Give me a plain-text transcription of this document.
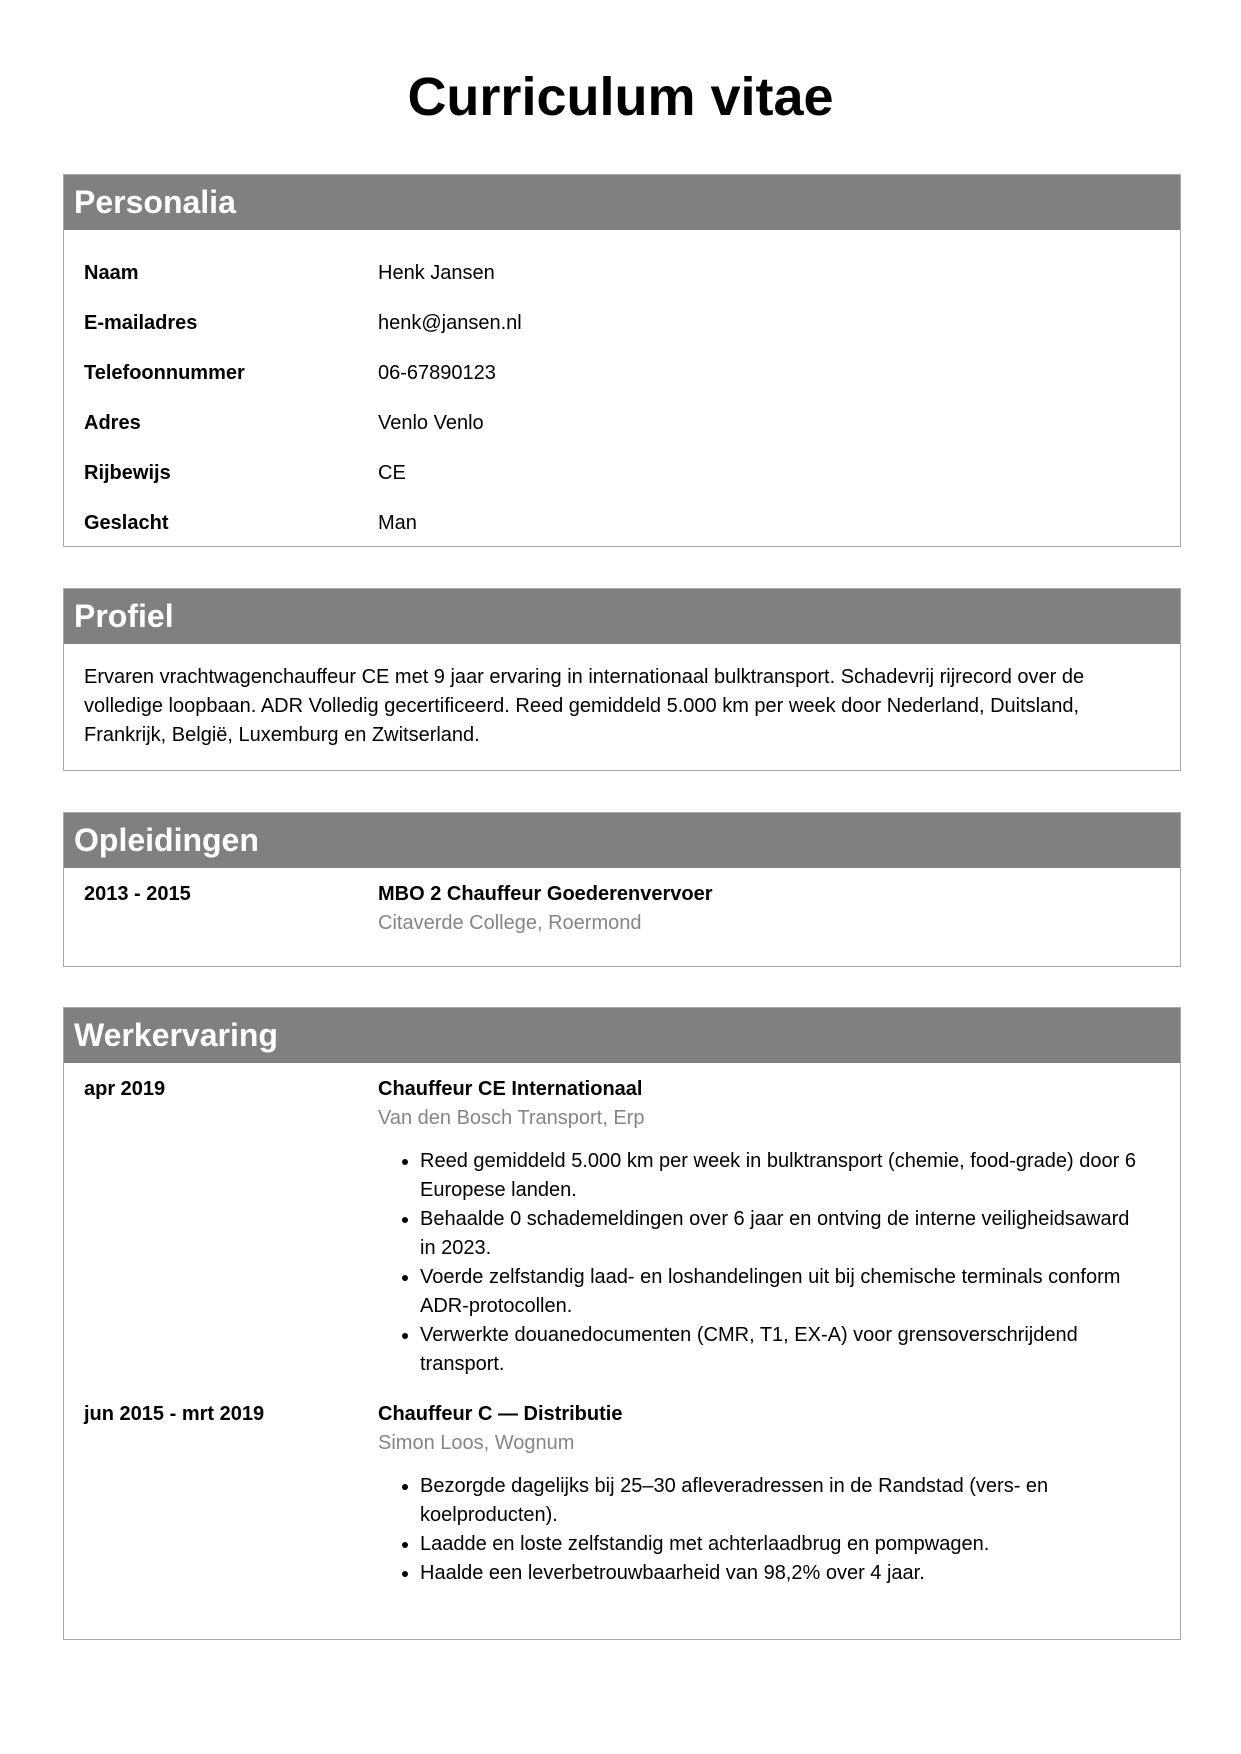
Curriculum vitae
Personalia
Naam	Henk Jansen
E-mailadres	henk@jansen.nl
Telefoonnummer	06-67890123
Adres	Venlo Venlo
Rijbewijs	CE
Geslacht	Man
Profiel
Ervaren vrachtwagenchauffeur CE met 9 jaar ervaring in internationaal bulktransport. Schadevrij rijrecord over de volledige loopbaan. ADR Volledig gecertificeerd. Reed gemiddeld 5.000 km per week door Nederland, Duitsland, Frankrijk, België, Luxemburg en Zwitserland.
Opleidingen
2013 - 2015	MBO 2 Chauffeur Goederenvervoer
Citaverde College, Roermond
Werkervaring
apr 2019	Chauffeur CE Internationaal
Van den Bosch Transport, Erp
• Reed gemiddeld 5.000 km per week in bulktransport (chemie, food-grade) door 6 Europese landen.
• Behaalde 0 schademeldingen over 6 jaar en ontving de interne veiligheidsaward in 2023.
• Voerde zelfstandig laad- en loshandelingen uit bij chemische terminals conform ADR-protocollen.
• Verwerkte douanedocumenten (CMR, T1, EX-A) voor grensoverschrijdend transport.
jun 2015 - mrt 2019	Chauffeur C — Distributie
Simon Loos, Wognum
• Bezorgde dagelijks bij 25–30 afleveradressen in de Randstad (vers- en koelproducten).
• Laadde en loste zelfstandig met achterlaadbrug en pompwagen.
• Haalde een leverbetrouwbaarheid van 98,2% over 4 jaar.
